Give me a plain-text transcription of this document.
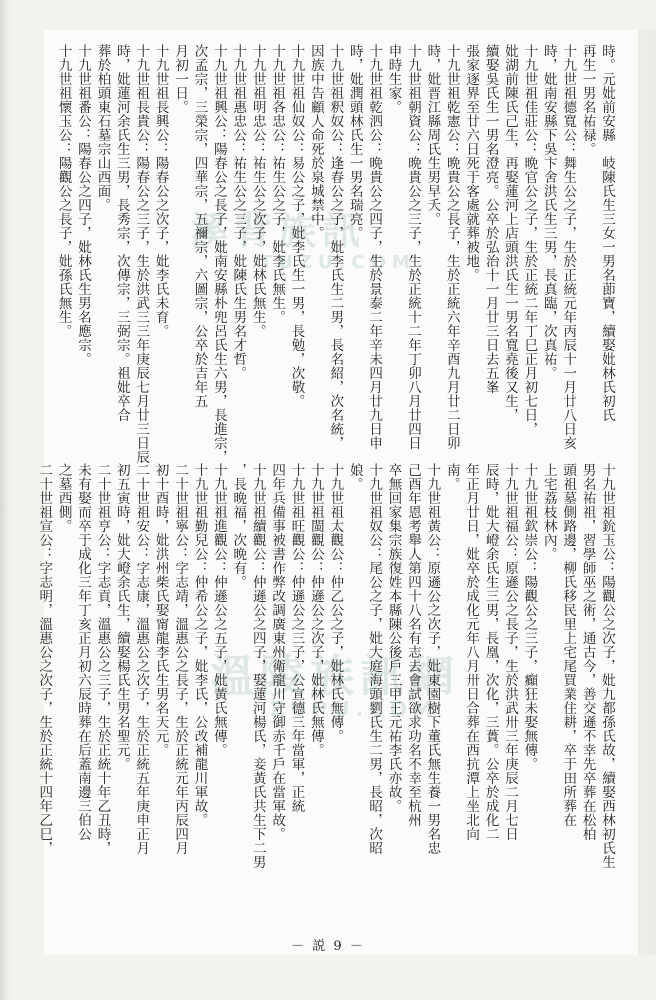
溪背族訊
TUZU.COM
溫陵族訊網
ZUPU.COM
時。元妣前安縣　岐陳氏生三女一男名莭寶，續娶妣林氏初氏
再生一男名祐禄。
十九世祖德寬公：舞生公之子，生於正統元年丙辰十一月廿八日亥
時，妣南安縣下吳卞舍洪氏生三男，長真臨，次真祐。
十九世祖佳莊公：晩官公之子，生於正統二年丁巳正月初七日，
妣湖前陳氏己生，再娶蓮河上店頭洪氏生一男名寬堯後又生，
續娶吳氏生一男名澄亮。公卒於弘治十一月廿三日去五峯
張家逐界至廿六日死于客處就葬被地。
十九世祖乾憲公：晩貴公之長子，生於正統六年辛酉九月廿二日卯
時，妣晋江縣周氏生男早夭。
十九世祖朝資公：晩貴公之三子，生於正統十二年丁卯八月廿四日
申時生家。
十九世祖乾泗公：晩貴公之四子，生於景泰二年辛未四月廿九日申
時，妣潤頭林氏生一男名瑞亮。
十九世祖釈奴公：逢春公之子，妣李氏生二男，長名紹，次名統，
因族中告顧人命死於泉城禁中。
十九世祖仙奴公：易公之子，妣李氏生一男，長勉，次敬。
十九世祖各忠公：祐生公之子，妣李氏無生。
十九世祖明忠公：祐生公之次子，妣林氏無生。
十九世祖惠忠公：祐生公之三子，妣陳氏生男名才哲。
十九世祖興公：陽春公之長子，妣南安縣朴兜呂氏生六男，長進宗，
次孟宗，三榮宗，四華宗，五禰宗，六圖宗，公卒於吉年五
月初一日。
十九世祖長興公：陽春公之次子，妣李氏未育。
十九世祖長貴公：陽春公之三子，生於洪武三三年庚辰七月廿三日辰
時，妣蓮河余氏生三男，長秀宗，次傳宗，三弼宗。祖妣卒合
葬於柏頭東石墓宗山西面。
十九世祖番公：陽春公之四子，妣林氏生男名應宗。
十九世祖懷玉公：陽觀公之長子，妣孫氏無生。
十九世祖鈗玉公：陽觀公之次子，妣九都孫氏故，續娶西林初氏生
男名祐祖，習學師巫之術，通古今，善交遜不幸先卒葬在松柏
頭祖墓側路邊，柳氏移民里上宅尾買業住耕，卒于田所葬在
上宅荔枝林內。
十九世祖欽崇公：陽觀公之三子，癲狂未娶無傳。
十九世祖福公：原遜公之長子，生於洪武卅三年庚辰二月七日
辰時，妣大嶝余氏生三男，長凰，次化，三蕢。公卒於成化二
年正月廿日，妣卒於成化元年八月卅日合葬在西抗潭上坐北向
南。
十九世祖黃公：原遜公之次子，妣東園樹下董氏無生養一男名忠
己酉年恩考舉人第四十八名有志去會試欲求功名不幸至杭州
卒無回家集宗族復姓本縣陳公後戶三甲王元祐李氏亦故。
十九世祖奴公：尾公之子，妣大庭海頭劉氏生二男，長昭，次昭
娘。
十九世祖太觀公：仲乙公之子，妣林氏無傳。
十九世祖閩觀公：仲遜公之次子，妣林氏無傳。
十九世祖旺觀公：仲遜公之三子，公宣德三年當軍，正統
四年兵備事被書作弊改調廣東州衛龍川守御赤千戶在當軍故。
十九世祖續觀公：仲遜公之四子，娶蓮河楊氏，妾黃氏共生下二男
，長晩福，次晩有。
十九世祖進觀公：仲遜公之五子，妣黃氏無傳。
十九世祖勤兒公：仲希公之子，妣李氏，公改補龍川軍故。
二十世祖寧公：字志靖，溫惠公之長子，生於正統元年丙辰四月
初十酉時，妣洪州柴氏娶甯龍李氏生男名天元。
二十世祖安公：字志康，溫惠公之次子，生於正統五年庚申正月
初五寅時，妣大嶝余氏生，續娶楊氏生男名聖元。
二十世祖亨公：字志貢，溫惠公之三子，生於正統十年乙丑時，
未有娶而卒于成化三年丁亥正月初六辰時葬在后蓋南邊三伯公
之墓西側。
二十世祖宣公：字志明，溫惠公之次子，生於正統十四年乙巳，
－ 説 9 －
